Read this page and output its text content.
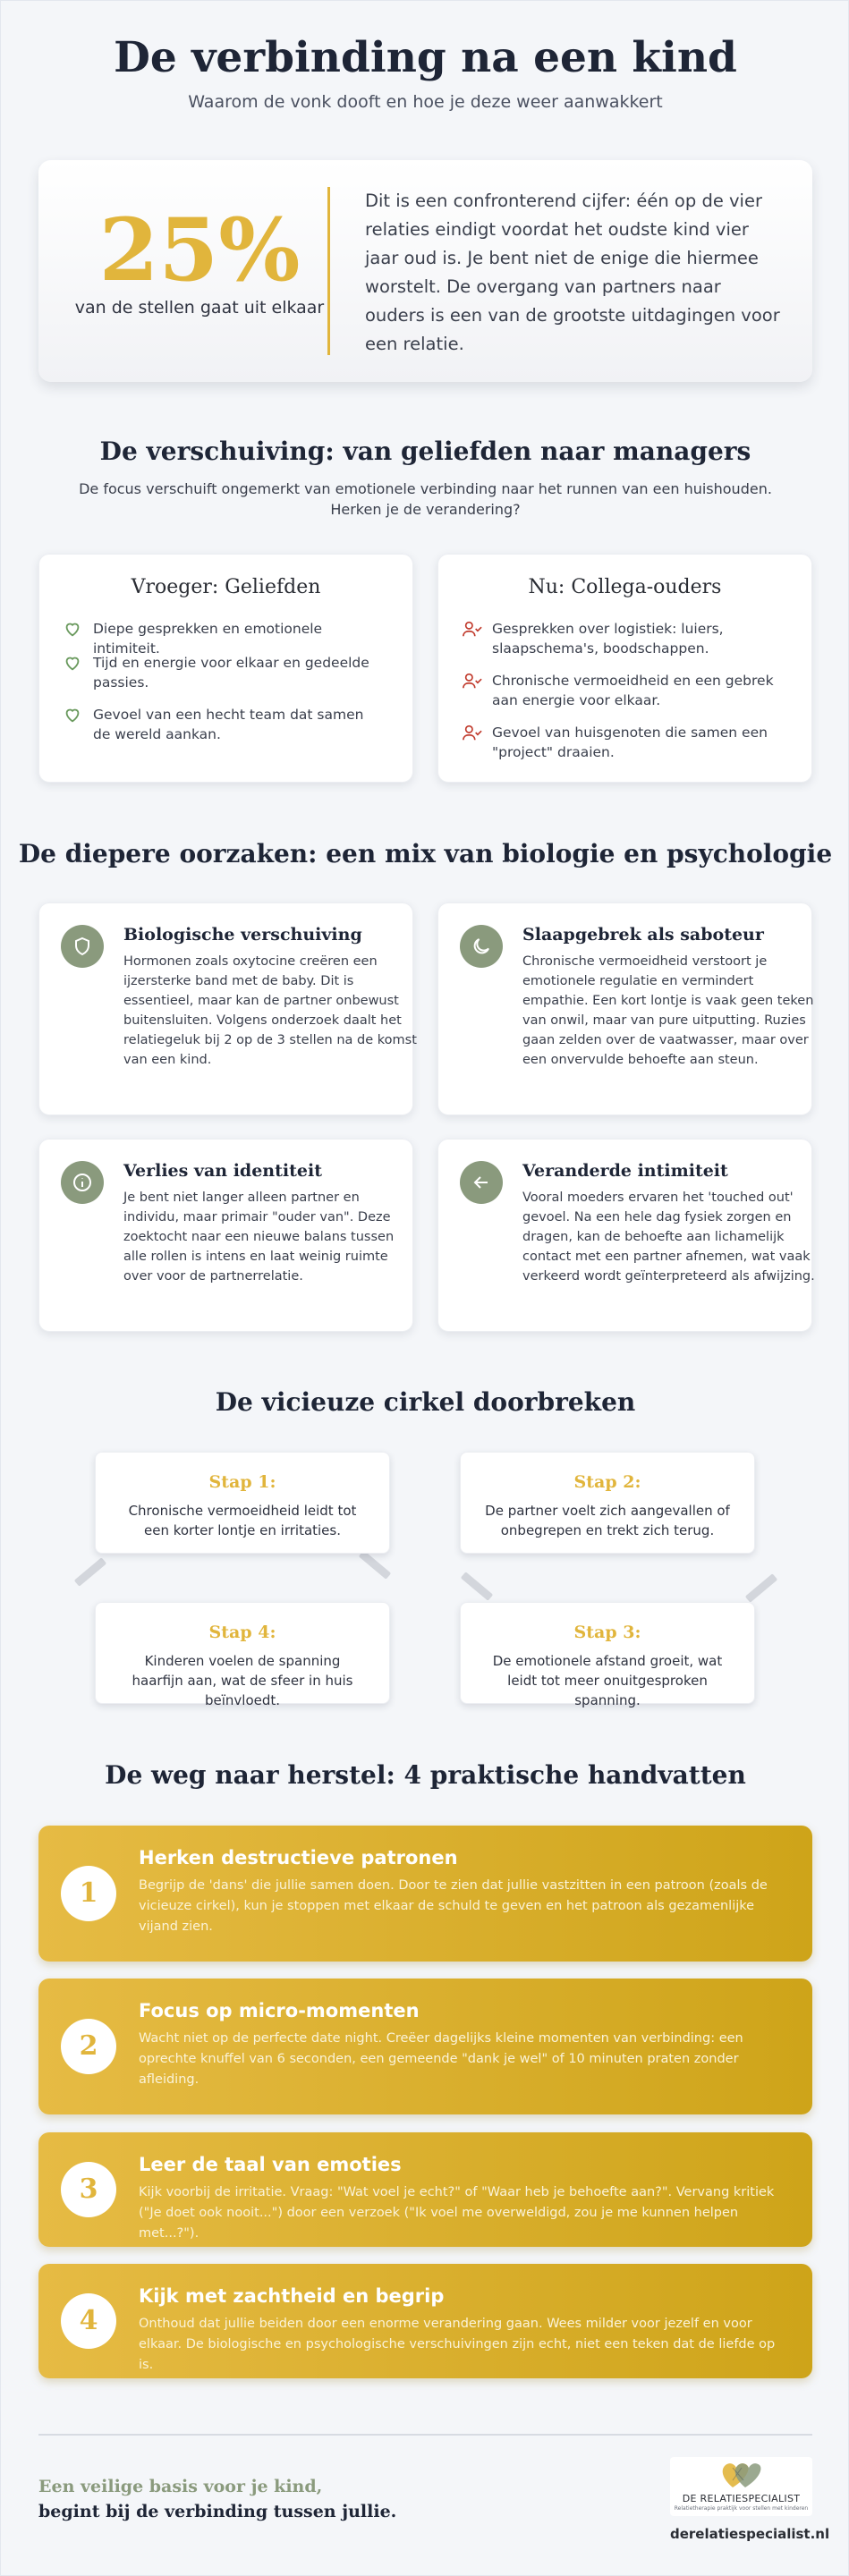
De verbinding na een kind
Waarom de vonk dooft en hoe je deze weer aanwakkert
25%
van de stellen gaat uit elkaar
Dit is een confronterend cijfer: één op de vier relaties eindigt voordat het oudste kind vier jaar oud is. Je bent niet de enige die hiermee worstelt. De overgang van partners naar ouders is een van de grootste uitdagingen voor een relatie.
De verschuiving: van geliefden naar managers
De focus verschuift ongemerkt van emotionele verbinding naar het runnen van een huishouden. Herken je de verandering?
Vroeger: Geliefden
Diepe gesprekken en emotionele intimiteit.
Tijd en energie voor elkaar en gedeelde passies.
Gevoel van een hecht team dat samen de wereld aankan.
Nu: Collega-ouders
Gesprekken over logistiek: luiers, slaapschema's, boodschappen.
Chronische vermoeidheid en een gebrek aan energie voor elkaar.
Gevoel van huisgenoten die samen een "project" draaien.
De diepere oorzaken: een mix van biologie en psychologie
Biologische verschuiving
Hormonen zoals oxytocine creëren een ijzersterke band met de baby. Dit is essentieel, maar kan de partner onbewust buitensluiten. Volgens onderzoek daalt het relatiegeluk bij 2 op de 3 stellen na de komst van een kind.
Slaapgebrek als saboteur
Chronische vermoeidheid verstoort je emotionele regulatie en vermindert empathie. Een kort lontje is vaak geen teken van onwil, maar van pure uitputting. Ruzies gaan zelden over de vaatwasser, maar over een onvervulde behoefte aan steun.
Verlies van identiteit
Je bent niet langer alleen partner en individu, maar primair "ouder van". Deze zoektocht naar een nieuwe balans tussen alle rollen is intens en laat weinig ruimte over voor de partnerrelatie.
Veranderde intimiteit
Vooral moeders ervaren het 'touched out' gevoel. Na een hele dag fysiek zorgen en dragen, kan de behoefte aan lichamelijk contact met een partner afnemen, wat vaak verkeerd wordt geïnterpreteerd als afwijzing.
De vicieuze cirkel doorbreken
Stap 1:
Chronische vermoeidheid leidt tot een korter lontje en irritaties.
Stap 2:
De partner voelt zich aangevallen of onbegrepen en trekt zich terug.
Stap 4:
Kinderen voelen de spanning haarfijn aan, wat de sfeer in huis beïnvloedt.
Stap 3:
De emotionele afstand groeit, wat leidt tot meer onuitgesproken spanning.
De weg naar herstel: 4 praktische handvatten
1
Herken destructieve patronen
Begrijp de 'dans' die jullie samen doen. Door te zien dat jullie vastzitten in een patroon (zoals de vicieuze cirkel), kun je stoppen met elkaar de schuld te geven en het patroon als gezamenlijke vijand zien.
2
Focus op micro-momenten
Wacht niet op de perfecte date night. Creëer dagelijks kleine momenten van verbinding: een oprechte knuffel van 6 seconden, een gemeende "dank je wel" of 10 minuten praten zonder afleiding.
3
Leer de taal van emoties
Kijk voorbij de irritatie. Vraag: "Wat voel je echt?" of "Waar heb je behoefte aan?". Vervang kritiek ("Je doet ook nooit...") door een verzoek ("Ik voel me overweldigd, zou je me kunnen helpen met...?").
4
Kijk met zachtheid en begrip
Onthoud dat jullie beiden door een enorme verandering gaan. Wees milder voor jezelf en voor elkaar. De biologische en psychologische verschuivingen zijn echt, niet een teken dat de liefde op is.
Een veilige basis voor je kind,
begint bij de verbinding tussen jullie.
DE RELATIESPECIALIST
Relatietherapie praktijk voor stellen met kinderen
derelatiespecialist.nl
